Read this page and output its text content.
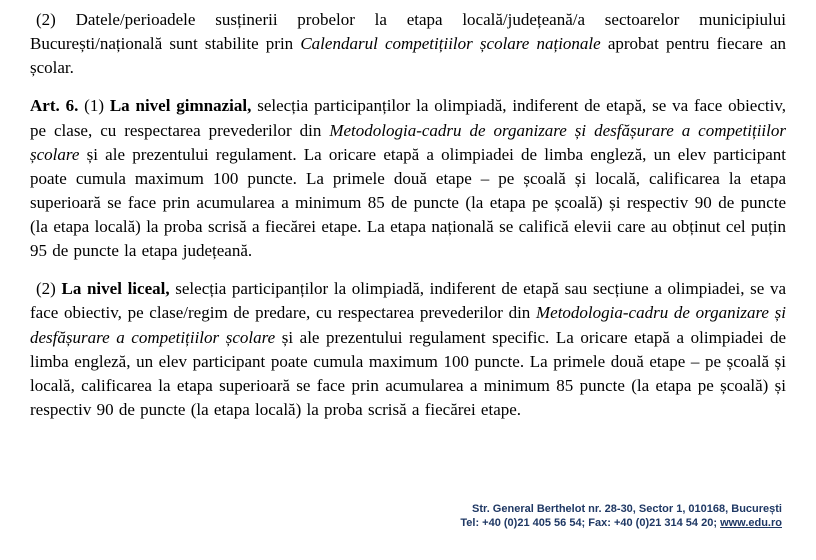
(2) Datele/perioadele susținerii probelor la etapa locală/județeană/a sectoarelor municipiului București/națională sunt stabilite prin Calendarul competițiilor școlare naționale aprobat pentru fiecare an școlar.

Art. 6. (1) La nivel gimnazial, selecția participanților la olimpiadă, indiferent de etapă, se va face obiectiv, pe clase, cu respectarea prevederilor din Metodologia-cadru de organizare și desfășurare a competițiilor școlare și ale prezentului regulament. La oricare etapă a olimpiadei de limba engleză, un elev participant poate cumula maximum 100 puncte. La primele două etape – pe școală și locală, calificarea la etapa superioară se face prin acumularea a minimum 85 de puncte (la etapa pe școală) și respectiv 90 de puncte (la etapa locală) la proba scrisă a fiecărei etape. La etapa națională se califică elevii care au obținut cel puțin 95 de puncte la etapa județeană.

(2) La nivel liceal, selecția participanților la olimpiadă, indiferent de etapă sau secțiune a olimpiadei, se va face obiectiv, pe clase/regim de predare, cu respectarea prevederilor din Metodologia-cadru de organizare și desfășurare a competițiilor școlare și ale prezentului regulament specific. La oricare etapă a olimpiadei de limba engleză, un elev participant poate cumula maximum 100 puncte. La primele două etape – pe școală și locală, calificarea la etapa superioară se face prin acumularea a minimum 85 puncte (la etapa pe școală) și respectiv 90 de puncte (la etapa locală) la proba scrisă a fiecărei etape.

Str. General Berthelot nr. 28-30, Sector 1, 010168, București
Tel: +40 (0)21 405 56 54; Fax: +40 (0)21 314 54 20; www.edu.ro
